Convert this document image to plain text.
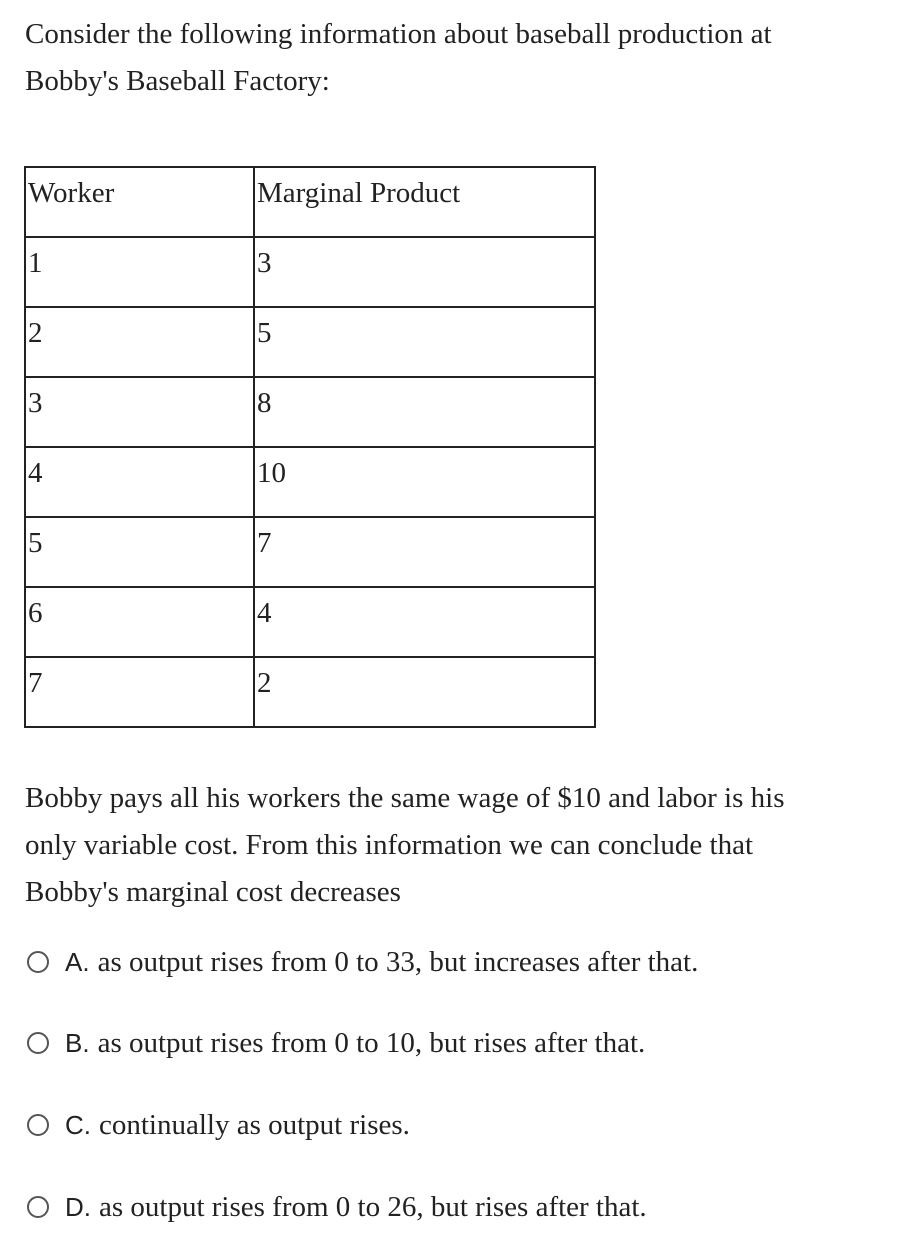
Consider the following information about baseball production at
Bobby's Baseball Factory:

Worker	Marginal Product
1	3
2	5
3	8
4	10
5	7
6	4
7	2

Bobby pays all his workers the same wage of $10 and labor is his
only variable cost. From this information we can conclude that
Bobby's marginal cost decreases

A. as output rises from 0 to 33, but increases after that.
B. as output rises from 0 to 10, but rises after that.
C. continually as output rises.
D. as output rises from 0 to 26, but rises after that.
